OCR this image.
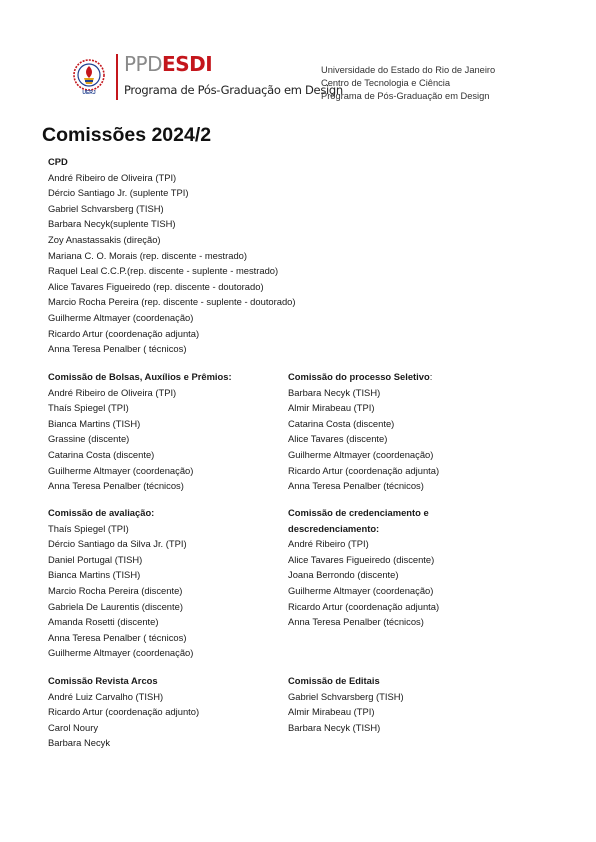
UERJ
PPDESDI
Programa de Pós-Graduação em Design
Universidade do Estado do Rio de Janeiro
Centro de Tecnologia e Ciência
Programa de Pós-Graduação em Design
Comissões 2024/2
CPD
André Ribeiro de Oliveira (TPI)
Dércio Santiago Jr. (suplente TPI)
Gabriel Schvarsberg (TISH)
Barbara Necyk(suplente TISH)
Zoy Anastassakis (direção)
Mariana C. O. Morais (rep. discente - mestrado)
Raquel Leal C.C.P.(rep. discente - suplente - mestrado)
Alice Tavares Figueiredo (rep. discente - doutorado)
Marcio Rocha Pereira (rep. discente - suplente - doutorado)
Guilherme Altmayer (coordenação)
Ricardo Artur (coordenação adjunta)
Anna Teresa Penalber ( técnicos)
Comissão de Bolsas, Auxílios e Prêmios:
André Ribeiro de Oliveira (TPI)
Thaís Spiegel (TPI)
Bianca Martins (TISH)
Grassine (discente)
Catarina Costa (discente)
Guilherme Altmayer (coordenação)
Anna Teresa Penalber (técnicos)
Comissão do processo Seletivo:
Barbara Necyk (TISH)
Almir Mirabeau (TPI)
Catarina Costa (discente)
Alice Tavares (discente)
Guilherme Altmayer (coordenação)
Ricardo Artur (coordenação adjunta)
Anna Teresa Penalber (técnicos)
Comissão de avaliação:
Thaís Spiegel (TPI)
Dércio Santiago da Silva Jr. (TPI)
Daniel Portugal (TISH)
Bianca Martins (TISH)
Marcio Rocha Pereira (discente)
Gabriela De Laurentis (discente)
Amanda Rosetti (discente)
Anna Teresa Penalber ( técnicos)
Guilherme Altmayer (coordenação)
Comissão de credenciamento e
descredenciamento:
André Ribeiro (TPI)
Alice Tavares Figueiredo (discente)
Joana Berrondo (discente)
Guilherme Altmayer (coordenação)
Ricardo Artur (coordenação adjunta)
Anna Teresa Penalber (técnicos)
Comissão Revista Arcos
André Luiz Carvalho (TISH)
Ricardo Artur (coordenação adjunto)
Carol Noury
Barbara Necyk
Comissão de Editais
Gabriel Schvarsberg (TISH)
Almir Mirabeau (TPI)
Barbara Necyk (TISH)
